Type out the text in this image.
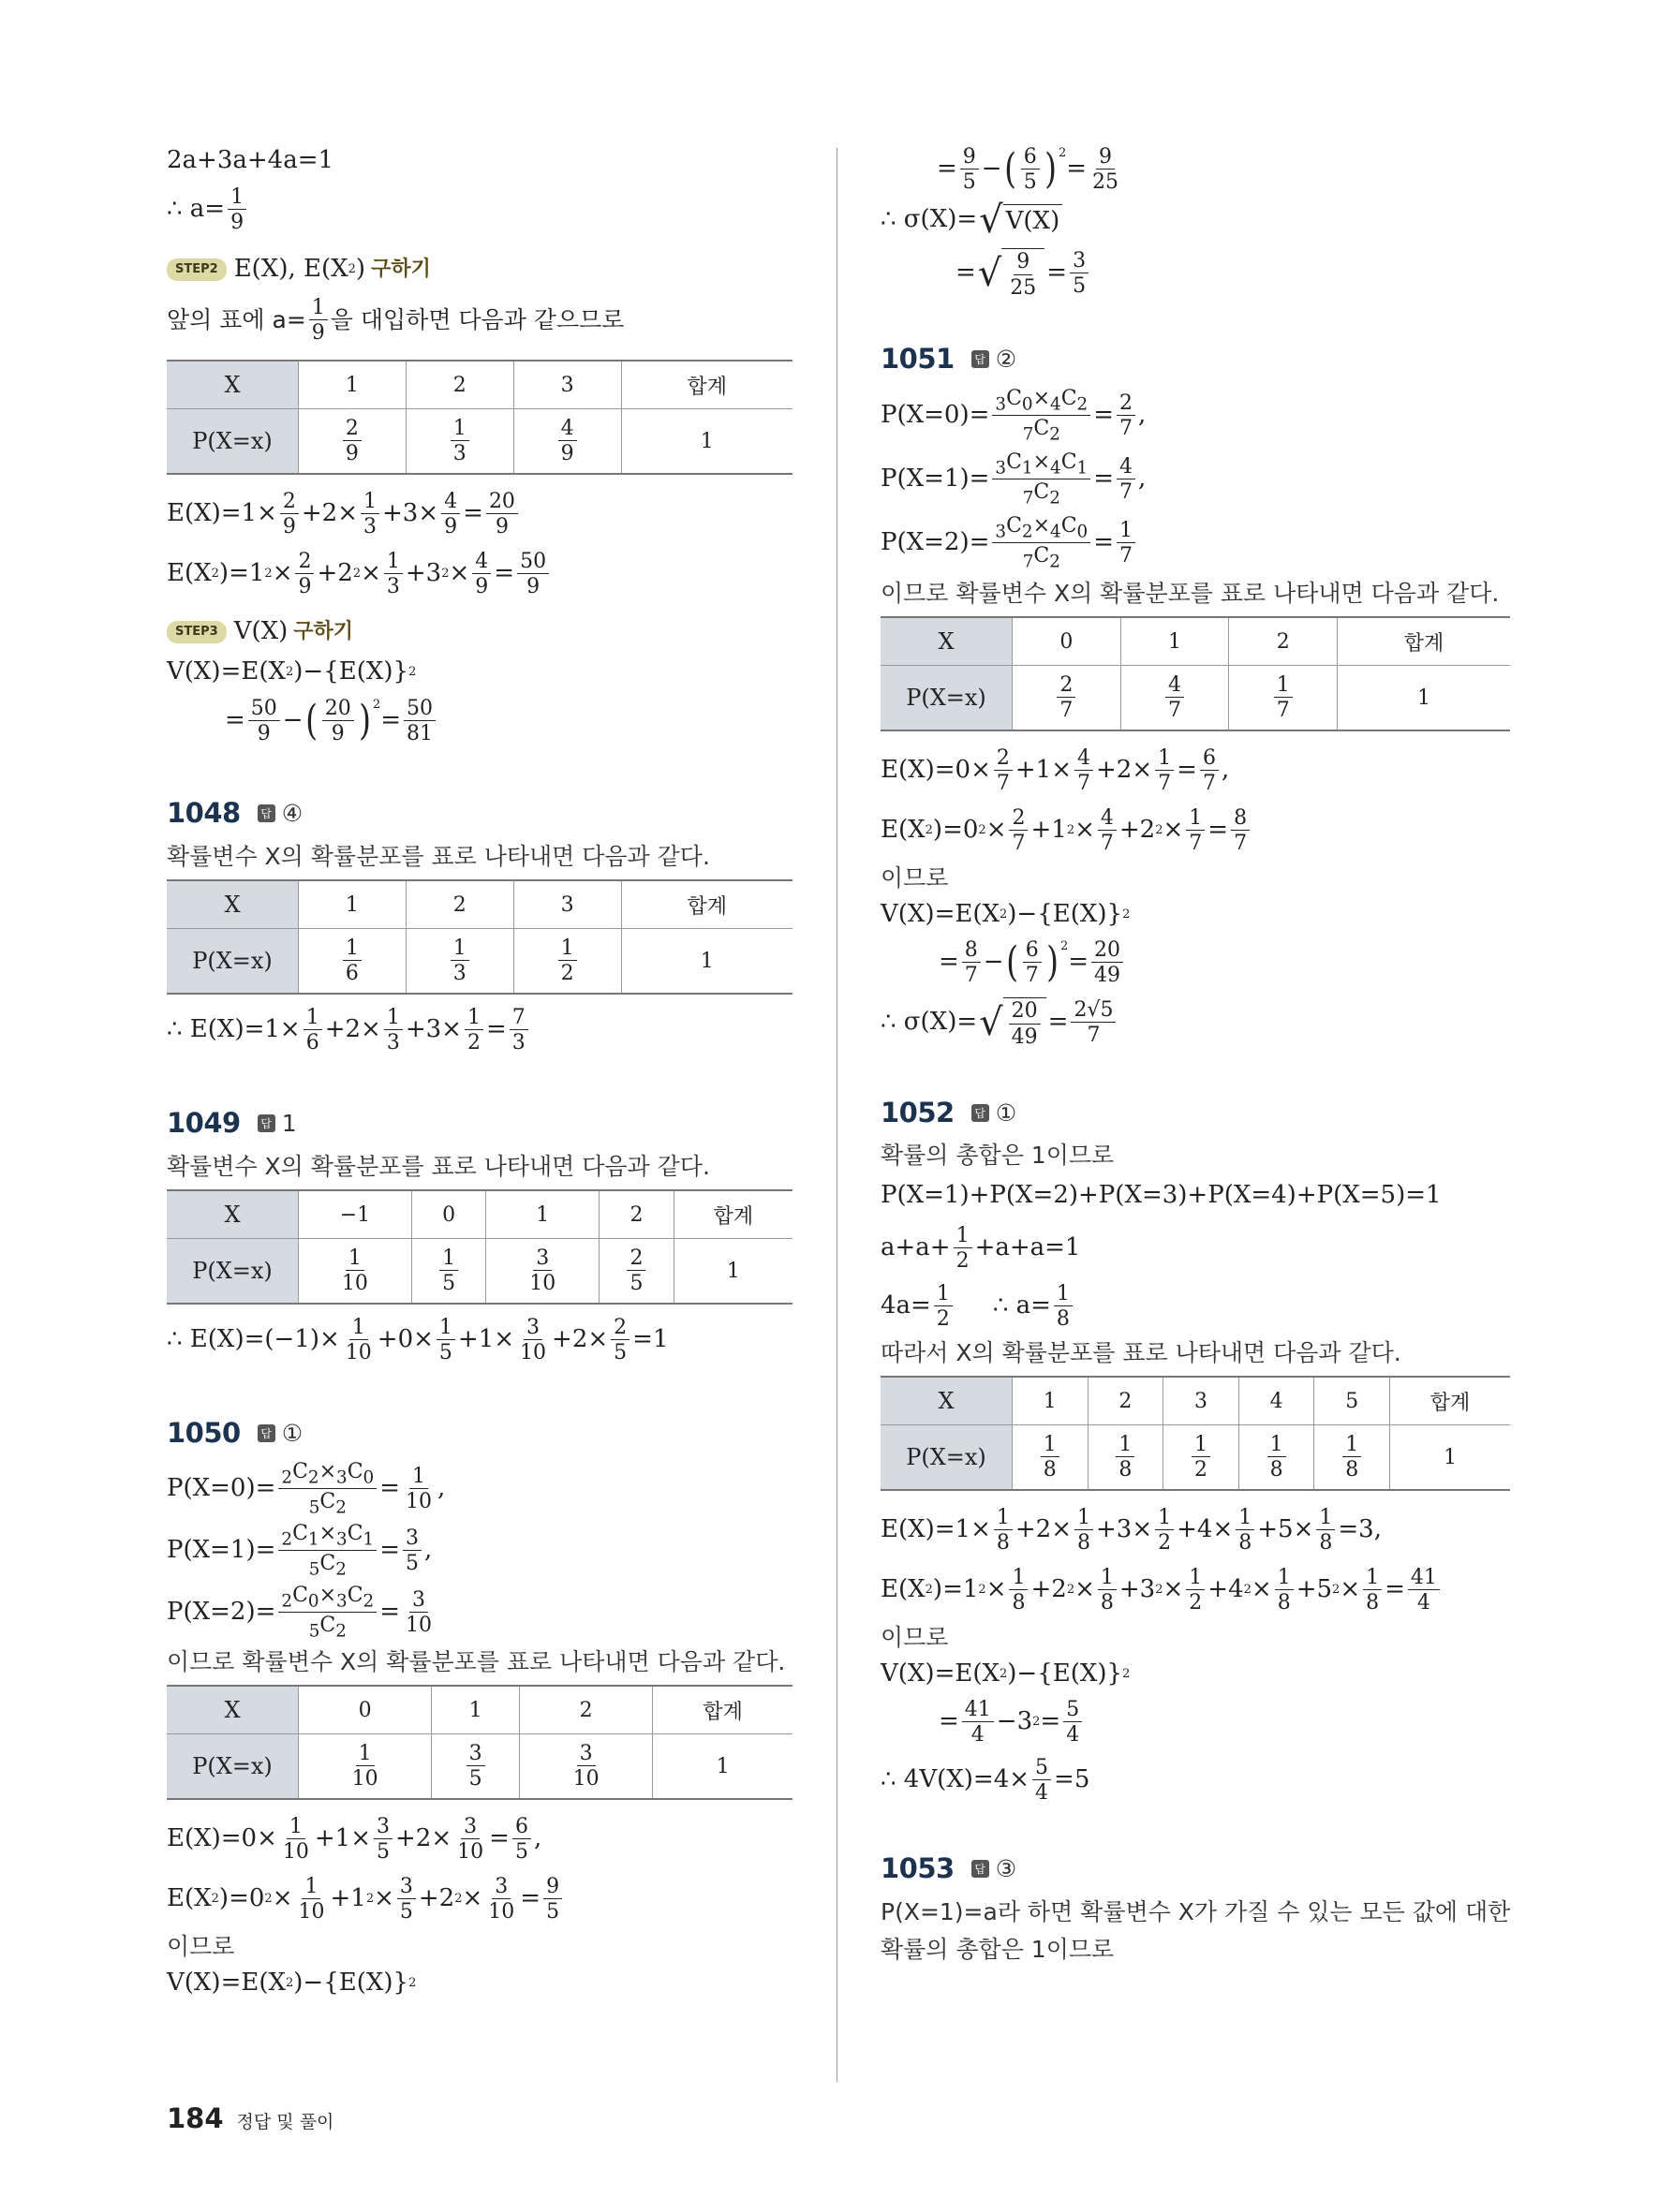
2a+3a+4a=1
∴ $a= \frac{1}{9}$
STEP2 E(X), E(X 2 ) 구하기
앞의 표에 $a= \frac{1}{9}$ 을 대입하면 다음과 같으므로
X	1	2	3	합계
P(X=x)	$\frac{2}{9}$	$\frac{1}{3}$	$\frac{4}{9}$	1
$E(X)=1\times \frac{2}{9} +2\times \frac{1}{3} +3\times \frac{4}{9} = \frac{20}{9}$
E(X 2 )=1 $2 \times \frac{2}{9} +2$ $2 \times \frac{1}{3} +3$ $2 \times \frac{4}{9} = \frac{50}{9}$
STEP3 V(X) 구하기
V(X)=E(X 2 )−{E(X)} 2
= $\frac{50}{9}$ − ( $\frac{20}{9} )^2$
= $\frac{50}{81}$
1048	답 ④
확률변수 X의 확률분포를 표로 나타내면 다음과 같다.
X	1	2	3	합계
P(X=x)	$\frac{1}{6}$	$\frac{1}{3}$	$\frac{1}{2}$	1
∴ $E(X)=1\times \frac{1}{6} +2\times \frac{1}{3} +3\times \frac{1}{2} = \frac{7}{3}$
1049	답 1
확률변수 X의 확률분포를 표로 나타내면 다음과 같다.
X	−1	0	1	2	합계
P(X=x)	$\frac{1}{10}$	$\frac{1}{5}$	$\frac{3}{10}$	$\frac{2}{5}$	1
∴ $E(X)=(-1)\times \frac{1}{10} +0\times \frac{1}{5} +1\times \frac{3}{10} +2\times \frac{2}{5} =1$
1050	답 ①
$P(X=0)= \frac{_2C_2\times_3C_0}{_5C_2} = \frac{1}{10}$ ,
$P(X=1)= \frac{_2C_1\times_3C_1}{_5C_2} = \frac{3}{5}$ ,
$P(X=2)= \frac{_2C_0\times_3C_2}{_5C_2} = \frac{3}{10}$
이므로 확률변수 X의 확률분포를 표로 나타내면 다음과 같다.
X	0	1	2	합계
P(X=x)	$\frac{1}{10}$	$\frac{3}{5}$	$\frac{3}{10}$	1
$E(X)=0\times \frac{1}{10} +1\times \frac{3}{5} +2\times \frac{3}{10} = \frac{6}{5}$ ,
E(X 2 )=0 $2 \times \frac{1}{10} +1$ $2 \times \frac{3}{5} +2$ $2 \times \frac{3}{10} = \frac{9}{5}$
이므로
V(X)=E(X 2 )−{E(X)} 2
= $\frac{9}{5}$ − ( $\frac{6}{5} )^2$
= $\frac{9}{25}$
∴ σ(X)= √ V(X)
= √ $\frac{9}{25} = \frac{3}{5}$
1051	답 ②
$P(X=0)= \frac{_3C_0\times_4C_2}{_7C_2} = \frac{2}{7}$ ,
$P(X=1)= \frac{_3C_1\times_4C_1}{_7C_2} = \frac{4}{7}$ ,
$P(X=2)= \frac{_3C_2\times_4C_0}{_7C_2} = \frac{1}{7}$
이므로 확률변수 X의 확률분포를 표로 나타내면 다음과 같다.
X	0	1	2	합계
P(X=x)	$\frac{2}{7}$	$\frac{4}{7}$	$\frac{1}{7}$	1
$E(X)=0\times \frac{2}{7} +1\times \frac{4}{7} +2\times \frac{1}{7} = \frac{6}{7}$ ,
E(X 2 )=0 $2 \times \frac{2}{7} +1$ $2 \times \frac{4}{7} +2$ $2 \times \frac{1}{7} = \frac{8}{7}$
이므로
V(X)=E(X 2 )−{E(X)} 2
= $\frac{8}{7}$ − ( $\frac{6}{7} )^2$
= $\frac{20}{49}$
∴ σ(X)= √ $\frac{20}{49} = \frac{2√5}{7}$
1052	답 ①
확률의 총합은 1이므로
P(X=1)+P(X=2)+P(X=3)+P(X=4)+P(X=5)=1
$a+a+ \frac{1}{2} +a+a=1$
$4a= \frac{1}{2}$ ∴ $a= \frac{1}{8}$
따라서 X의 확률분포를 표로 나타내면 다음과 같다.
X	1	2	3	4	5	합계
P(X=x)	$\frac{1}{8}$	$\frac{1}{8}$	$\frac{1}{2}$	$\frac{1}{8}$	$\frac{1}{8}$	1
$E(X)=1\times \frac{1}{8} +2\times \frac{1}{8} +3\times \frac{1}{2} +4\times \frac{1}{8} +5\times \frac{1}{8} =3$,
E(X 2 )=1 $2 \times \frac{1}{8} +2$ $2 \times \frac{1}{8} +3$ $2 \times \frac{1}{2} +4$ $2 \times \frac{1}{8} +5$ $2 \times \frac{1}{8} = \frac{41}{4}$
이므로
V(X)=E(X 2 )−{E(X)} 2
= $\frac{41}{4} -3$ $2 = \frac{5}{4}$
∴ $4V(X)=4\times \frac{5}{4} =5$
1053	답 ③
P(X=1)=a라 하면 확률변수 X가 가질 수 있는 모든 값에 대한
확률의 총합은 1이므로
184 정답 및 풀이
